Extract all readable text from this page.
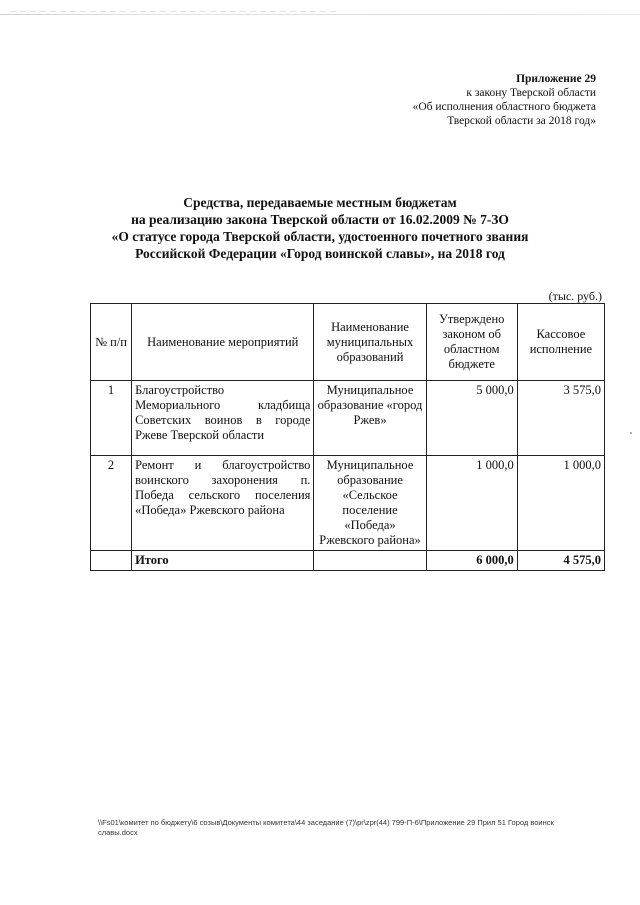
Приложение 29
к закону Тверской области
«Об исполнения областного бюджета
Тверской области за 2018 год»
Средства, передаваемые местным бюджетам
на реализацию закона Тверской области от 16.02.2009 № 7-ЗО
«О статусе города Тверской области, удостоенного почетного звания
Российской Федерации «Город воинской славы», на 2018 год
(тыс. руб.)
№ п/п	Наименование мероприятий	Наименование муниципальных образований	Утверждено законом об областном бюджете	Кассовое исполнение
1	Благоустройство Мемориального кладбища Советских воинов в городе Ржеве Тверской области	Муниципальное образование «город Ржев»	5 000,0	3 575,0
2	Ремонт и благоустройство воинского захоронения п. Победа сельского поселения «Победа» Ржевского района	Муниципальное образование «Сельское поселение «Победа» Ржевского района»	1 000,0	1 000,0
	Итого		6 000,0	4 575,0
\\Fs01\комитет по бюджету\6 созыв\Документы комитета\44 заседание (7)\pr\zpr(44) 799-П-6\Приложение 29 Прил 51 Город воинск славы.docx
